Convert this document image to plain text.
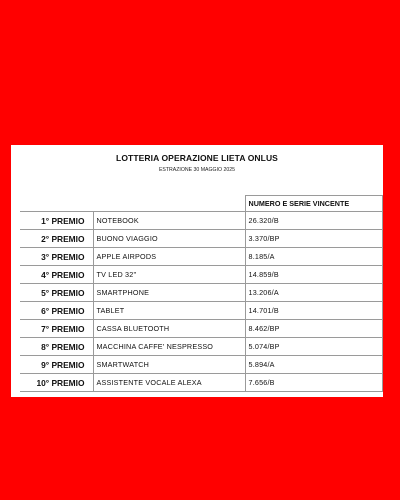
LOTTERIA OPERAZIONE LIETA ONLUS
ESTRAZIONE 30 MAGGIO 2025
		NUMERO E SERIE VINCENTE
1° PREMIO	NOTEBOOK	26.320/B
2° PREMIO	BUONO VIAGGIO	3.370/BP
3° PREMIO	APPLE AIRPODS	8.185/A
4° PREMIO	TV LED 32''	14.859/B
5° PREMIO	SMARTPHONE	13.206/A
6° PREMIO	TABLET	14.701/B
7° PREMIO	CASSA BLUETOOTH	8.462/BP
8° PREMIO	MACCHINA CAFFE' NESPRESSO	5.074/BP
9° PREMIO	SMARTWATCH	5.894/A
10° PREMIO	ASSISTENTE VOCALE ALEXA	7.656/B
